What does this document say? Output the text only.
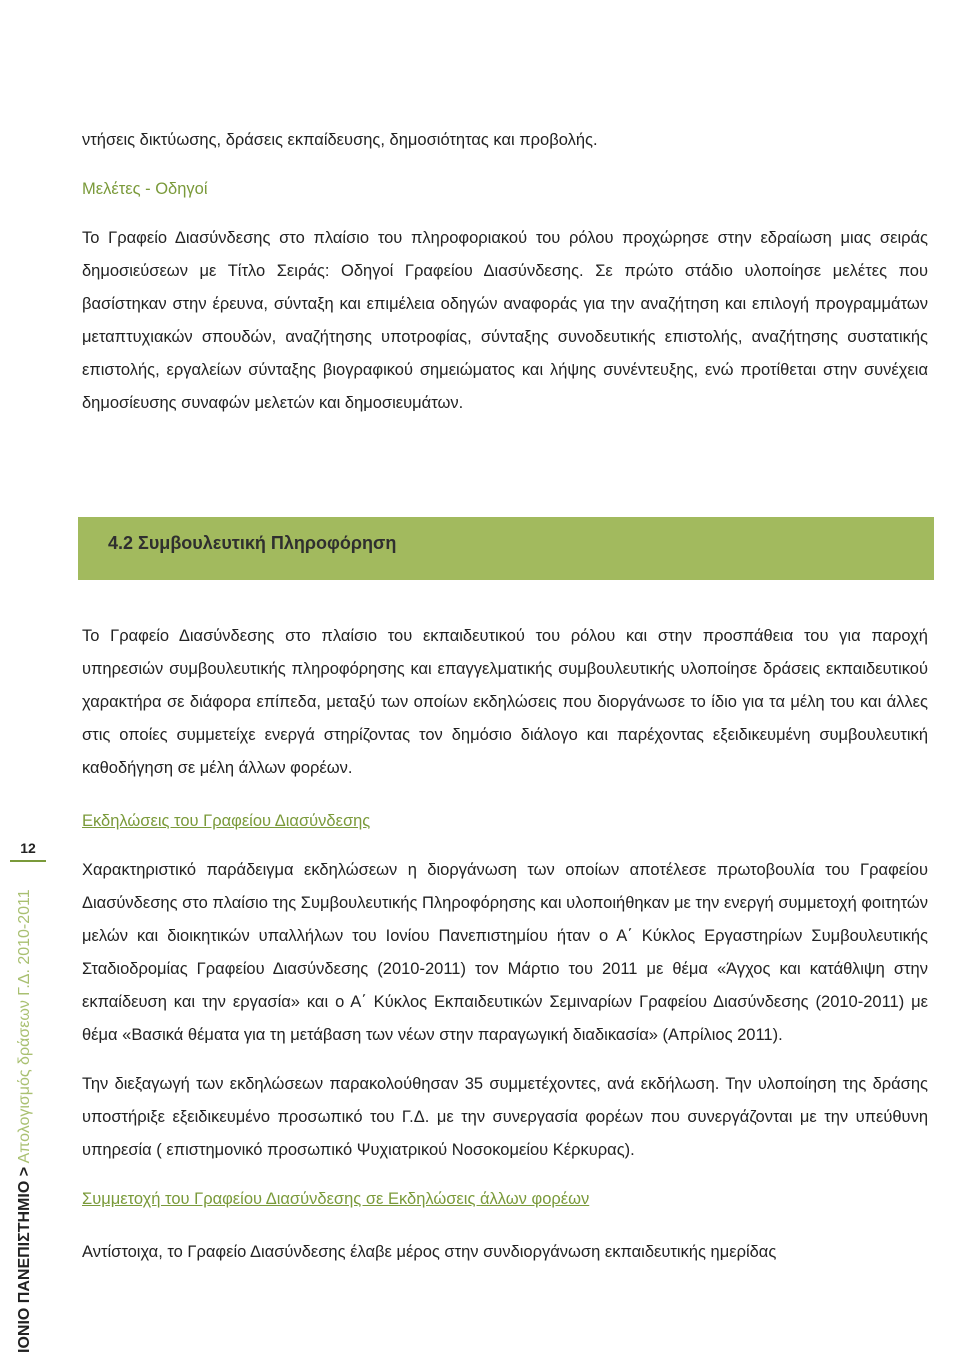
ντήσεις δικτύωσης, δράσεις εκπαίδευσης, δημοσιότητας και προβολής.

Μελέτες - Οδηγοί

Το Γραφείο Διασύνδεσης στο πλαίσιο του πληροφοριακού του ρόλου προχώρησε στην εδραίωση μιας σειράς δημοσιεύσεων με Τίτλο Σειράς: Οδηγοί Γραφείου Διασύνδεσης. Σε πρώτο στάδιο υλοποίησε μελέτες που βασίστηκαν στην έρευνα, σύνταξη και επιμέλεια οδηγών αναφοράς για την αναζήτηση και επιλογή προγραμμάτων μεταπτυχιακών σπουδών, αναζήτησης υποτροφίας, σύνταξης συνοδευτικής επιστολής, αναζήτησης συστατικής επιστολής, εργαλείων σύνταξης βιογραφικού σημειώματος και λήψης συνέντευξης, ενώ προτίθεται στην συνέχεια δημοσίευσης συναφών μελετών και δημοσιευμάτων.

4.2 Συμβουλευτική Πληροφόρηση

Το Γραφείο Διασύνδεσης στο πλαίσιο του εκπαιδευτικού του ρόλου και στην προσπάθεια του για παροχή υπηρεσιών συμβουλευτικής πληροφόρησης και επαγγελματικής συμβουλευτικής υλοποίησε δράσεις εκπαιδευτικού χαρακτήρα σε διάφορα επίπεδα, μεταξύ των οποίων εκδηλώσεις που διοργάνωσε το ίδιο για τα μέλη του και άλλες στις οποίες συμμετείχε ενεργά στηρίζοντας τον δημόσιο διάλογο και παρέχοντας εξειδικευμένη συμβουλευτική καθοδήγηση σε μέλη άλλων φορέων.

Εκδηλώσεις του Γραφείου Διασύνδεσης

Χαρακτηριστικό παράδειγμα εκδηλώσεων η διοργάνωση των οποίων αποτέλεσε πρωτοβουλία του Γραφείου Διασύνδεσης στο πλαίσιο της Συμβουλευτικής Πληροφόρησης και υλοποιήθηκαν με την ενεργή συμμετοχή φοιτητών μελών και διοικητικών υπαλλήλων του Ιονίου Πανεπιστημίου ήταν ο Α΄ Κύκλος Εργαστηρίων Συμβουλευτικής Σταδιοδρομίας Γραφείου Διασύνδεσης (2010-2011) τον Μάρτιο του 2011 με θέμα «Άγχος και κατάθλιψη στην εκπαίδευση και την εργασία» και ο Α΄ Κύκλος Εκπαιδευτικών Σεμιναρίων Γραφείου Διασύνδεσης (2010-2011) με θέμα «Βασικά θέματα για τη μετάβαση των νέων στην παραγωγική διαδικασία» (Απρίλιος 2011).

Την διεξαγωγή των εκδηλώσεων παρακολούθησαν 35 συμμετέχοντες, ανά εκδήλωση. Την υλοποίηση της δράσης υποστήριξε εξειδικευμένο προσωπικό του Γ.Δ. με την συνεργασία φορέων που συνεργάζονται με την υπεύθυνη υπηρεσία ( επιστημονικό προσωπικό Ψυχιατρικού Νοσοκομείου Κέρκυρας).

Συμμετοχή του Γραφείου Διασύνδεσης σε Εκδηλώσεις άλλων φορέων

Αντίστοιχα, το Γραφείο Διασύνδεσης έλαβε μέρος στην συνδιοργάνωση εκπαιδευτικής ημερίδας

12
ΙΟΝΙΟ ΠΑΝΕΠΙΣΤΗΜΙΟ > Απολογισμός δράσεων Γ.Δ. 2010-2011
